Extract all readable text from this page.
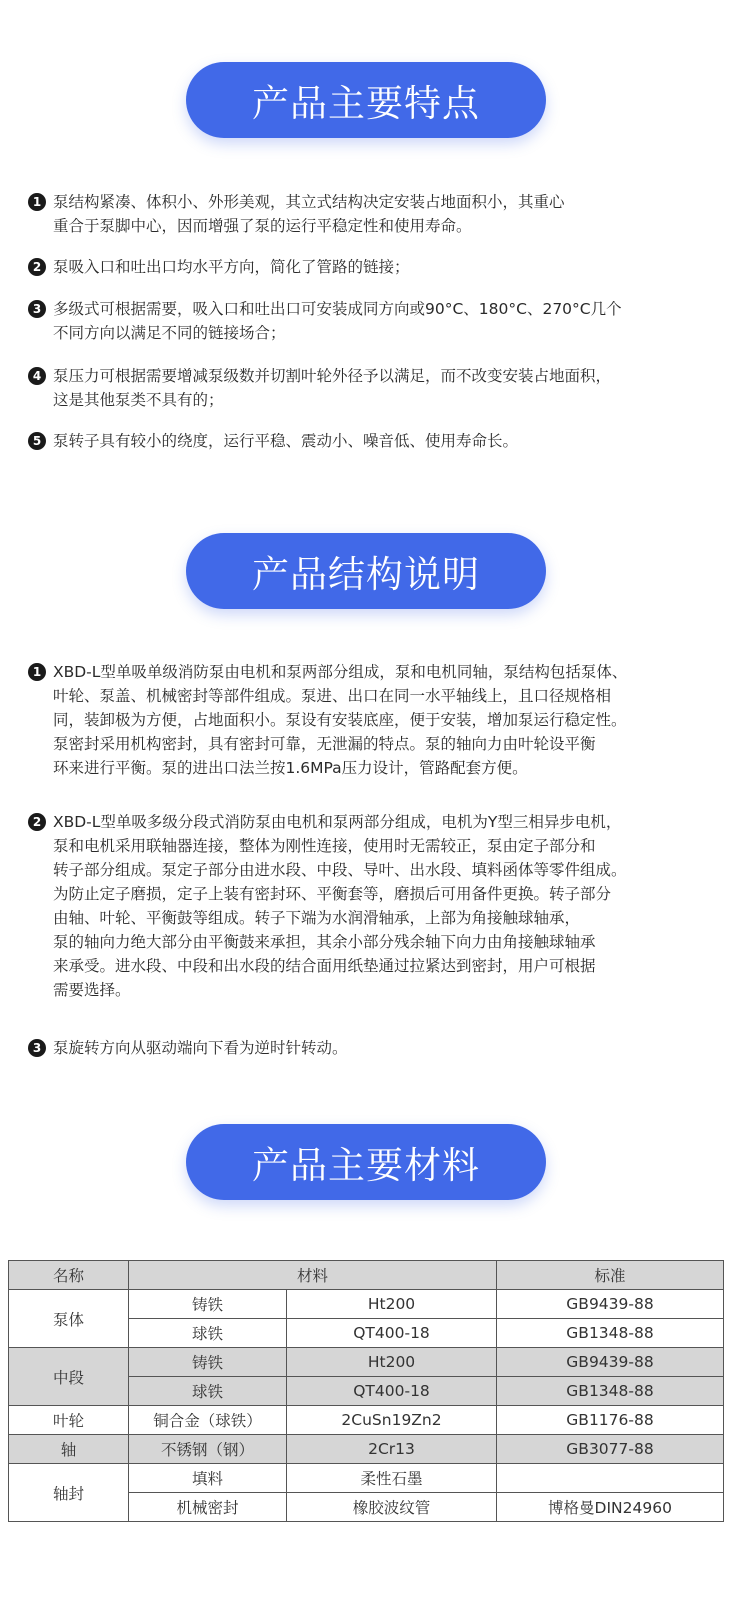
产品主要特点
1 泵结构紧凑、体积小、外形美观，其立式结构决定安装占地面积小，其重心
重合于泵脚中心，因而增强了泵的运行平稳定性和使用寿命。
2 泵吸入口和吐出口均水平方向，简化了管路的链接；
3 多级式可根据需要，吸入口和吐出口可安装成同方向或90°C、180°C、270°C几个
不同方向以满足不同的链接场合；
4 泵压力可根据需要增减泵级数并切割叶轮外径予以满足，而不改变安装占地面积，
这是其他泵类不具有的；
5 泵转子具有较小的绕度，运行平稳、震动小、噪音低、使用寿命长。
产品结构说明
1 XBD-L型单吸单级消防泵由电机和泵两部分组成，泵和电机同轴，泵结构包括泵体、
叶轮、泵盖、机械密封等部件组成。泵进、出口在同一水平轴线上，且口径规格相
同，装卸极为方便，占地面积小。泵设有安装底座，便于安装，增加泵运行稳定性。
泵密封采用机构密封，具有密封可靠，无泄漏的特点。泵的轴向力由叶轮设平衡
环来进行平衡。泵的进出口法兰按1.6MPa压力设计，管路配套方便。
2 XBD-L型单吸多级分段式消防泵由电机和泵两部分组成，电机为Y型三相异步电机，
泵和电机采用联轴器连接，整体为刚性连接，使用时无需较正，泵由定子部分和
转子部分组成。泵定子部分由进水段、中段、导叶、出水段、填料函体等零件组成。
为防止定子磨损，定子上装有密封环、平衡套等，磨损后可用备件更换。转子部分
由轴、叶轮、平衡鼓等组成。转子下端为水润滑轴承，上部为角接触球轴承，
泵的轴向力绝大部分由平衡鼓来承担，其余小部分残余轴下向力由角接触球轴承
来承受。进水段、中段和出水段的结合面用纸垫通过拉紧达到密封，用户可根据
需要选择。
3 泵旋转方向从驱动端向下看为逆时针转动。
产品主要材料
名称	材料		标准
泵体	铸铁	Ht200	GB9439-88
	球铁	QT400-18	GB1348-88
中段	铸铁	Ht200	GB9439-88
	球铁	QT400-18	GB1348-88
叶轮	铜合金（球铁）	2CuSn19Zn2	GB1176-88
轴	不锈钢（钢）	2Cr13	GB3077-88
轴封	填料	柔性石墨	
	机械密封	橡胶波纹管	博格曼DIN24960
